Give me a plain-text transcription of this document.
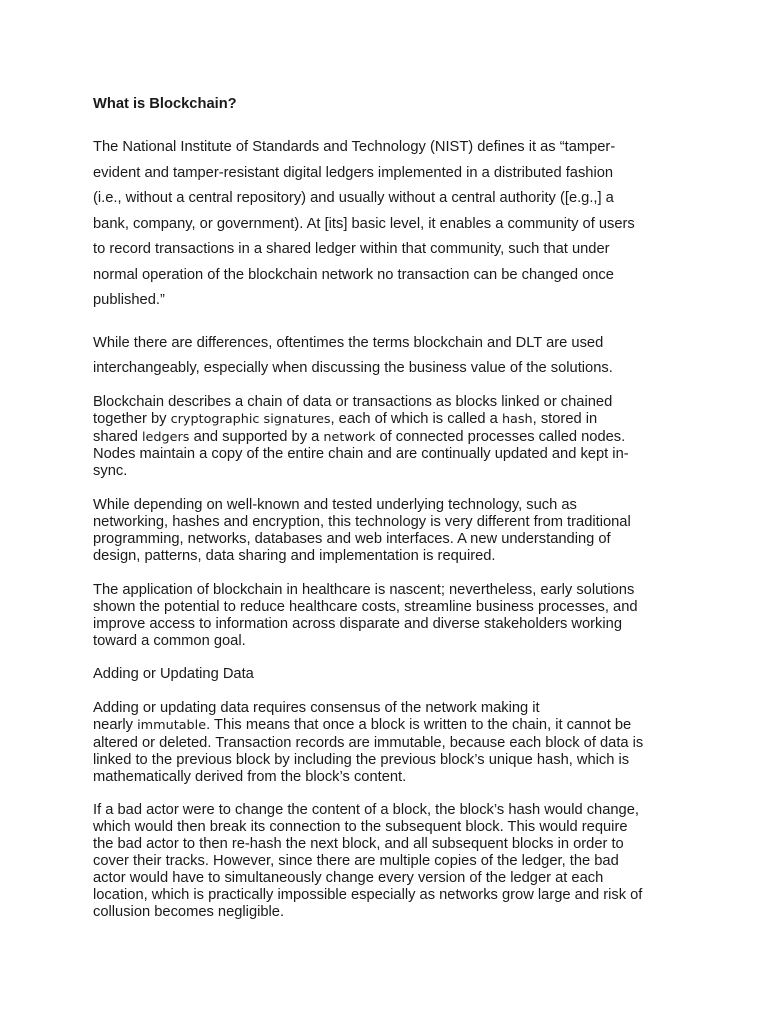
What is Blockchain?
The National Institute of Standards and Technology (NIST) defines it as “tamper-
evident and tamper-resistant digital ledgers implemented in a distributed fashion
(i.e., without a central repository) and usually without a central authority ([e.g.,] a
bank, company, or government). At [its] basic level, it enables a community of users
to record transactions in a shared ledger within that community, such that under
normal operation of the blockchain network no transaction can be changed once
published.”
While there are differences, oftentimes the terms blockchain and DLT are used
interchangeably, especially when discussing the business value of the solutions.
Blockchain describes a chain of data or transactions as blocks linked or chained
together by cryptographic signatures, each of which is called a hash, stored in
shared ledgers and supported by a network of connected processes called nodes.
Nodes maintain a copy of the entire chain and are continually updated and kept in-
sync.
While depending on well-known and tested underlying technology, such as
networking, hashes and encryption, this technology is very different from traditional
programming, networks, databases and web interfaces. A new understanding of
design, patterns, data sharing and implementation is required.
The application of blockchain in healthcare is nascent; nevertheless, early solutions
shown the potential to reduce healthcare costs, streamline business processes, and
improve access to information across disparate and diverse stakeholders working
toward a common goal.
Adding or Updating Data
Adding or updating data requires consensus of the network making it
nearly immutable. This means that once a block is written to the chain, it cannot be
altered or deleted. Transaction records are immutable, because each block of data is
linked to the previous block by including the previous block’s unique hash, which is
mathematically derived from the block’s content.
If a bad actor were to change the content of a block, the block’s hash would change,
which would then break its connection to the subsequent block. This would require
the bad actor to then re-hash the next block, and all subsequent blocks in order to
cover their tracks. However, since there are multiple copies of the ledger, the bad
actor would have to simultaneously change every version of the ledger at each
location, which is practically impossible especially as networks grow large and risk of
collusion becomes negligible.
